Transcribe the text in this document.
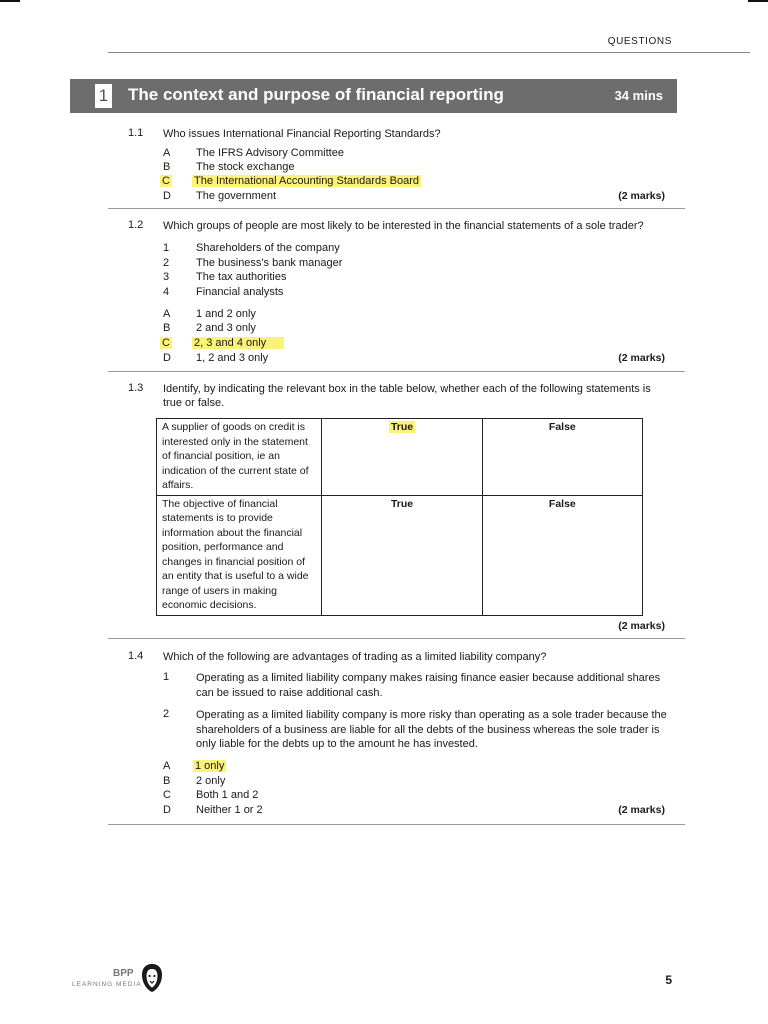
QUESTIONS
1 The context and purpose of financial reporting	34 mins
1.1 Who issues International Financial Reporting Standards?
A The IFRS Advisory Committee
B The stock exchange
C The International Accounting Standards Board
D The government	(2 marks)
1.2 Which groups of people are most likely to be interested in the financial statements of a sole trader?
1 Shareholders of the company
2 The business's bank manager
3 The tax authorities
4 Financial analysts
A 1 and 2 only
B 2 and 3 only
C 2, 3 and 4 only
D 1, 2 and 3 only	(2 marks)
1.3 Identify, by indicating the relevant box in the table below, whether each of the following statements is true or false.
A supplier of goods on credit is interested only in the statement of financial position, ie an indication of the current state of affairs.	True	False
The objective of financial statements is to provide information about the financial position, performance and changes in financial position of an entity that is useful to a wide range of users in making economic decisions.	True	False
(2 marks)
1.4 Which of the following are advantages of trading as a limited liability company?
1 Operating as a limited liability company makes raising finance easier because additional shares can be issued to raise additional cash.
2 Operating as a limited liability company is more risky than operating as a sole trader because the shareholders of a business are liable for all the debts of the business whereas the sole trader is only liable for the debts up to the amount he has invested.
A 1 only
B 2 only
C Both 1 and 2
D Neither 1 or 2	(2 marks)
BPP
LEARNING MEDIA	5
